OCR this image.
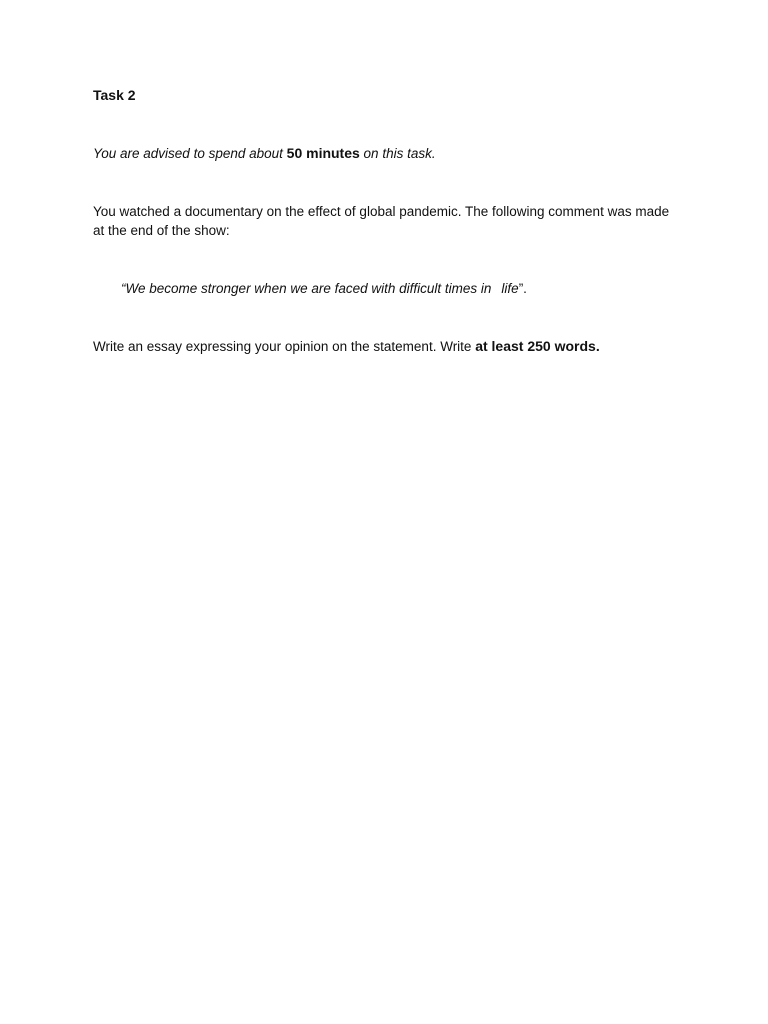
Task 2
You are advised to spend about 50 minutes on this task.
You watched a documentary on the effect of global pandemic. The following comment was made at the end of the show:
“We become stronger when we are faced with difficult times in life”.
Write an essay expressing your opinion on the statement. Write at least 250 words.
